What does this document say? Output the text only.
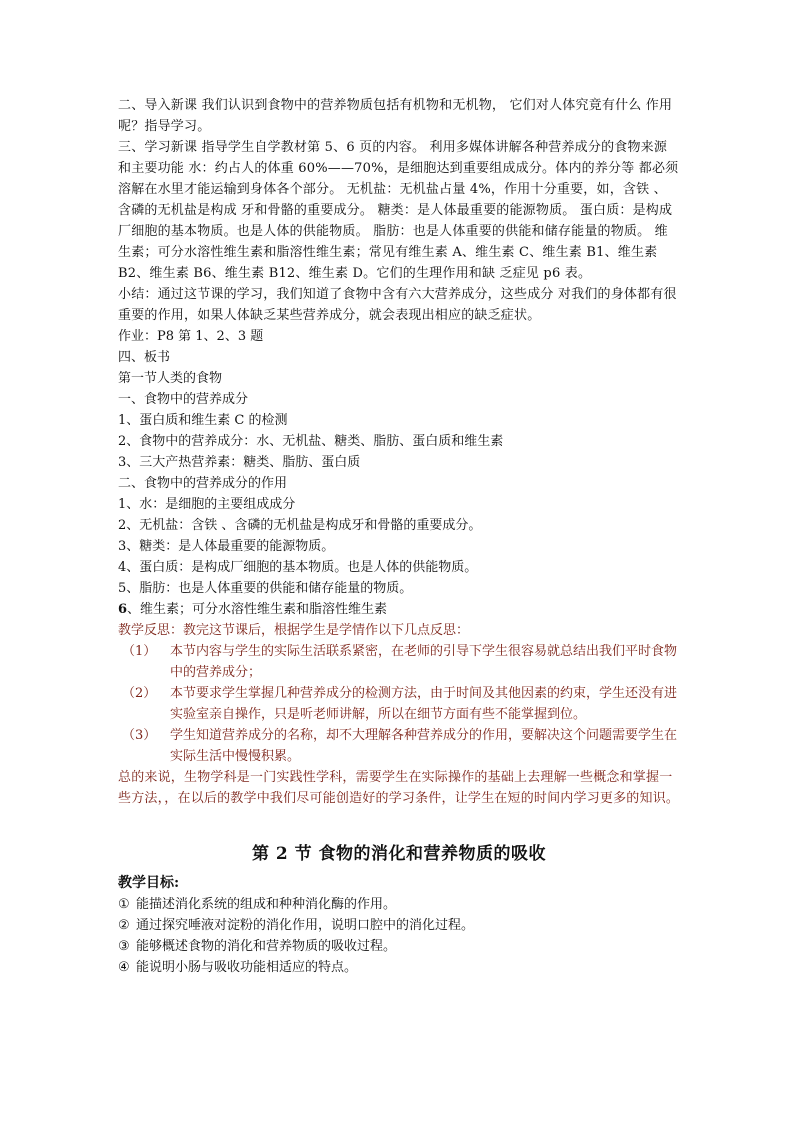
二、导入新课 我们认识到食物中的营养物质包括有机物和无机物， 它们对人体究竟有什么 作用呢？指导学习。

三、学习新课 指导学生自学教材第 5、6 页的内容。 利用多媒体讲解各种营养成分的食物来源和主要功能 水：约占人的体重 60%——70%，是细胞达到重要组成成分。体内的养分等 都必须溶解在水里才能运输到身体各个部分。 无机盐：无机盐占量 4%，作用十分重要，如，含铁 、含磷的无机盐是构成 牙和骨骼的重要成分。 糖类：是人体最重要的能源物质。 蛋白质：是构成厂细胞的基本物质。也是人体的供能物质。 脂肪：也是人体重要的供能和储存能量的物质。 维生素；可分水溶性维生素和脂溶性维生素；常见有维生素 A、维生素 C、维生素 B1、维生素 B2、维生素 B6、维生素 B12、维生素 D。它们的生理作用和缺 乏症见 p6 表。

小结：通过这节课的学习，我们知道了食物中含有六大营养成分，这些成分 对我们的身体都有很重要的作用，如果人体缺乏某些营养成分，就会表现出相应的缺乏症状。

作业：P8 第 1、2、3 题

四、板书

第一节人类的食物

一、食物中的营养成分

1、蛋白质和维生素 C 的检测

2、食物中的营养成分：水、无机盐、糖类、脂肪、蛋白质和维生素

3、三大产热营养素：糖类、脂肪、蛋白质

二、食物中的营养成分的作用

1、水：是细胞的主要组成成分

2、无机盐：含铁 、含磷的无机盐是构成牙和骨骼的重要成分。

3、糖类：是人体最重要的能源物质。

4、蛋白质：是构成厂细胞的基本物质。也是人体的供能物质。

5、脂肪：也是人体重要的供能和储存能量的物质。

6、维生素；可分水溶性维生素和脂溶性维生素

教学反思：教完这节课后，根据学生是学情作以下几点反思：

（1）	本节内容与学生的实际生活联系紧密，在老师的引导下学生很容易就总结出我们平时食物中的营养成分；
（2）	本节要求学生掌握几种营养成分的检测方法，由于时间及其他因素的约束，学生还没有进实验室亲自操作，只是听老师讲解，所以在细节方面有些不能掌握到位。
（3）	学生知道营养成分的名称，却不大理解各种营养成分的作用，要解决这个问题需要学生在实际生活中慢慢积累。

总的来说，生物学科是一门实践性学科，需要学生在实际操作的基础上去理解一些概念和掌握一些方法，，在以后的教学中我们尽可能创造好的学习条件，让学生在短的时间内学习更多的知识。

第 2 节 食物的消化和营养物质的吸收

教学目标:

① 能描述消化系统的组成和种种消化酶的作用。

② 通过探究唾液对淀粉的消化作用，说明口腔中的消化过程。

③ 能够概述食物的消化和营养物质的吸收过程。

④ 能说明小肠与吸收功能相适应的特点。
